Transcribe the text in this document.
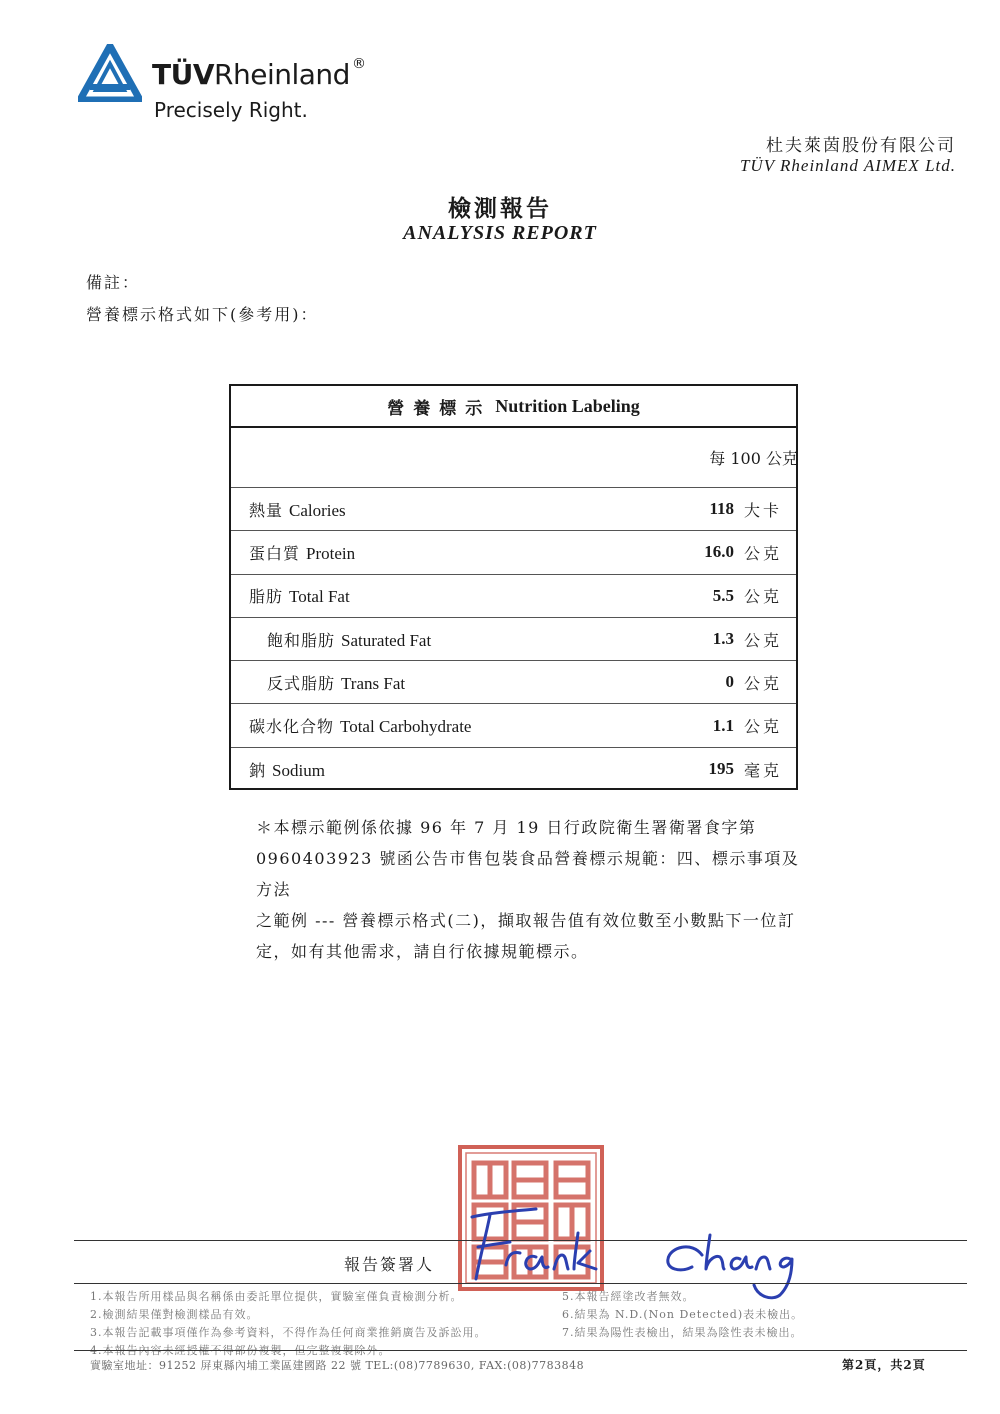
TÜVRheinland ®
Precisely Right.
杜夫萊茵股份有限公司
TÜV Rheinland AIMEX Ltd.
檢測報告
ANALYSIS REPORT
備註：
營養標示格式如下(參考用)：
營養標示 Nutrition Labeling
每 100 公克
熱量 Calories	118 大卡
蛋白質 Protein	16.0 公克
脂肪 Total Fat	5.5 公克
飽和脂肪 Saturated Fat	1.3 公克
反式脂肪 Trans Fat	0 公克
碳水化合物 Total Carbohydrate	1.1 公克
鈉 Sodium	195 毫克
＊本標示範例係依據 96 年 7 月 19 日行政院衛生署衛署食字第
0960403923 號函公告市售包裝食品營養標示規範：四、標示事項及方法
之範例 --- 營養標示格式(二)，擷取報告值有效位數至小數點下一位訂
定，如有其他需求，請自行依據規範標示。
報告簽署人
1.本報告所用樣品與名稱係由委託單位提供，實驗室僅負責檢測分析。
2.檢測結果僅對檢測樣品有效。
3.本報告記載事項僅作為參考資料，不得作為任何商業推銷廣告及訴訟用。
4.本報告內容未經授權不得部份複製，但完整複製除外。
5.本報告經塗改者無效。
6.結果為 N.D.(Non Detected)表未檢出。
7.結果為陽性表檢出，結果為陰性表未檢出。
實驗室地址：91252 屏東縣內埔工業區建國路 22 號 TEL:(08)7789630, FAX:(08)7783848	第2頁，共2頁
